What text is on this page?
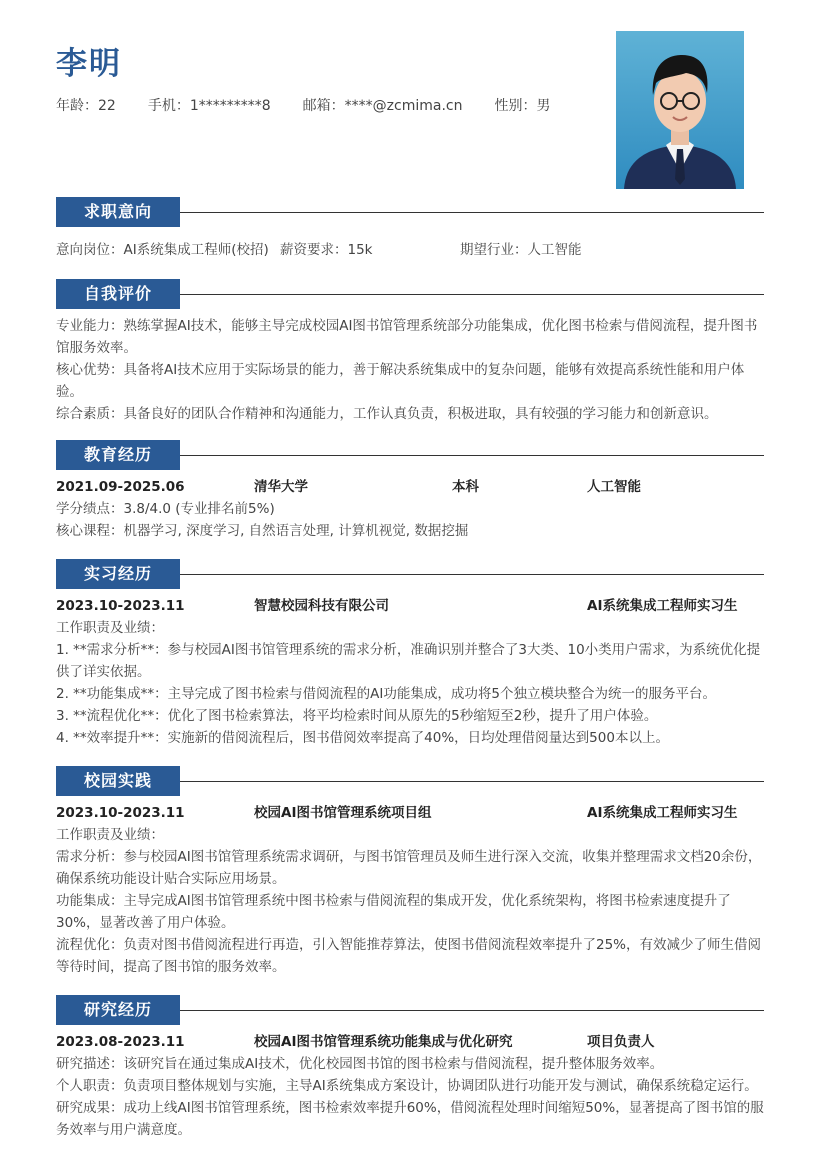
李明
年龄：22 手机：1*********8 邮箱：****@zcmima.cn 性别：男
求职意向
意向岗位：AI系统集成工程师(校招) 薪资要求：15k	期望行业：人工智能
自我评价
专业能力：熟练掌握AI技术，能够主导完成校园AI图书馆管理系统部分功能集成，优化图书检索与借阅流程，提升图书馆服务效率。
核心优势：具备将AI技术应用于实际场景的能力，善于解决系统集成中的复杂问题，能够有效提高系统性能和用户体验。
综合素质：具备良好的团队合作精神和沟通能力，工作认真负责，积极进取，具有较强的学习能力和创新意识。
教育经历
2021.09-2025.06	清华大学	本科	人工智能
学分绩点：3.8/4.0 (专业排名前5%)
核心课程：机器学习, 深度学习, 自然语言处理, 计算机视觉, 数据挖掘
实习经历
2023.10-2023.11	智慧校园科技有限公司	AI系统集成工程师实习生
工作职责及业绩：
1. **需求分析**：参与校园AI图书馆管理系统的需求分析，准确识别并整合了3大类、10小类用户需求，为系统优化提供了详实依据。
2. **功能集成**：主导完成了图书检索与借阅流程的AI功能集成，成功将5个独立模块整合为统一的服务平台。
3. **流程优化**：优化了图书检索算法，将平均检索时间从原先的5秒缩短至2秒，提升了用户体验。
4. **效率提升**：实施新的借阅流程后，图书借阅效率提高了40%，日均处理借阅量达到500本以上。
校园实践
2023.10-2023.11	校园AI图书馆管理系统项目组	AI系统集成工程师实习生
工作职责及业绩：
需求分析：参与校园AI图书馆管理系统需求调研，与图书馆管理员及师生进行深入交流，收集并整理需求文档20余份，确保系统功能设计贴合实际应用场景。
功能集成：主导完成AI图书馆管理系统中图书检索与借阅流程的集成开发，优化系统架构，将图书检索速度提升了30%，显著改善了用户体验。
流程优化：负责对图书借阅流程进行再造，引入智能推荐算法，使图书借阅流程效率提升了25%，有效减少了师生借阅等待时间，提高了图书馆的服务效率。
研究经历
2023.08-2023.11	校园AI图书馆管理系统功能集成与优化研究	项目负责人
研究描述：该研究旨在通过集成AI技术，优化校园图书馆的图书检索与借阅流程，提升整体服务效率。
个人职责：负责项目整体规划与实施，主导AI系统集成方案设计，协调团队进行功能开发与测试，确保系统稳定运行。
研究成果：成功上线AI图书馆管理系统，图书检索效率提升60%，借阅流程处理时间缩短50%，显著提高了图书馆的服务效率与用户满意度。
